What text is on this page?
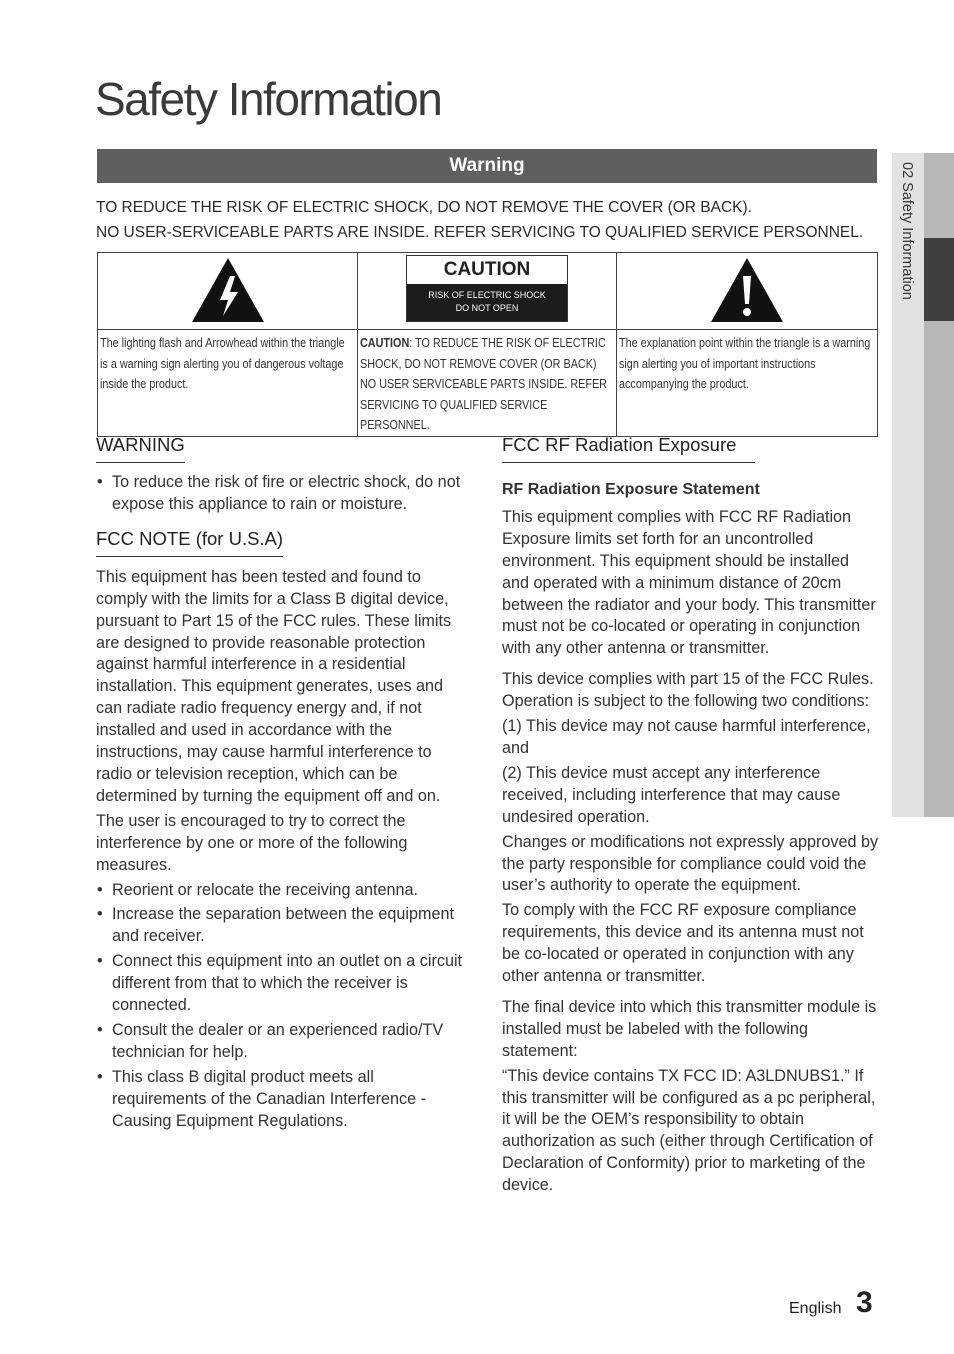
Safety Information
Warning
TO REDUCE THE RISK OF ELECTRIC SHOCK, DO NOT REMOVE THE COVER (OR BACK).
NO USER-SERVICEABLE PARTS ARE INSIDE. REFER SERVICING TO QUALIFIED SERVICE PERSONNEL.

CAUTION
RISK OF ELECTRIC SHOCK
DO NOT OPEN

The lighting flash and Arrowhead within the triangle is a warning sign alerting you of dangerous voltage inside the product.	CAUTION: TO REDUCE THE RISK OF ELECTRIC SHOCK, DO NOT REMOVE COVER (OR BACK) NO USER SERVICEABLE PARTS INSIDE. REFER SERVICING TO QUALIFIED SERVICE PERSONNEL.	The explanation point within the triangle is a warning sign alerting you of important instructions accompanying the product.
WARNING
• To reduce the risk of fire or electric shock, do not expose this appliance to rain or moisture.
FCC NOTE (for U.S.A)

This equipment has been tested and found to comply with the limits for a Class B digital device, pursuant to Part 15 of the FCC rules. These limits are designed to provide reasonable protection against harmful interference in a residential installation. This equipment generates, uses and can radiate radio frequency energy and, if not installed and used in accordance with the instructions, may cause harmful interference to radio or television reception, which can be determined by turning the equipment off and on.

The user is encouraged to try to correct the interference by one or more of the following measures.

• Reorient or relocate the receiving antenna.
• Increase the separation between the equipment and receiver.
• Connect this equipment into an outlet on a circuit different from that to which the receiver is connected.
• Consult the dealer or an experienced radio/TV technician for help.
• This class B digital product meets all requirements of the Canadian Interference - Causing Equipment Regulations.
FCC RF Radiation Exposure
RF Radiation Exposure Statement

This equipment complies with FCC RF Radiation Exposure limits set forth for an uncontrolled environment. This equipment should be installed and operated with a minimum distance of 20cm between the radiator and your body. This transmitter must not be co-located or operating in conjunction with any other antenna or transmitter.

This device complies with part 15 of the FCC Rules. Operation is subject to the following two conditions:

(1) This device may not cause harmful interference, and

(2) This device must accept any interference received, including interference that may cause undesired operation.

Changes or modifications not expressly approved by the party responsible for compliance could void the user’s authority to operate the equipment.

To comply with the FCC RF exposure compliance requirements, this device and its antenna must not be co-located or operated in conjunction with any other antenna or transmitter.

The final device into which this transmitter module is installed must be labeled with the following statement:

“This device contains TX FCC ID: A3LDNUBS1.” If this transmitter will be configured as a pc peripheral, it will be the OEM’s responsibility to obtain authorization as such (either through Certification of Declaration of Conformity) prior to marketing of the device.

02 Safety Information
English 3
